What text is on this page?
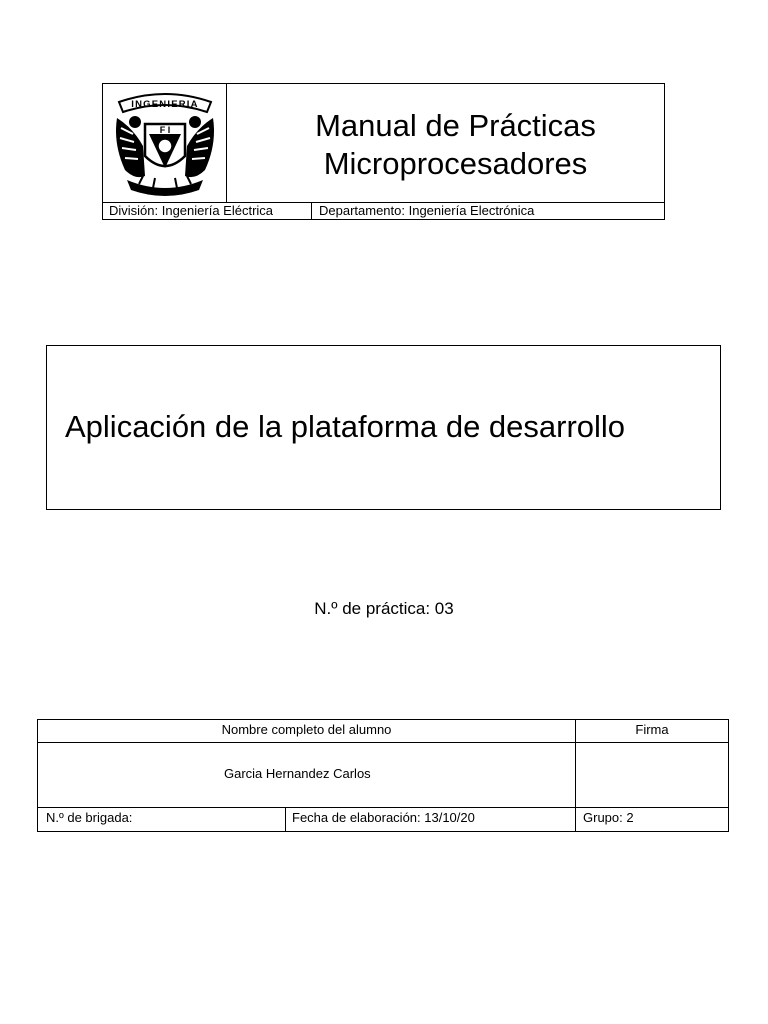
INGENIERIA
F I	Manual de Prácticas
Microprocesadores
División: Ingeniería Eléctrica	Departamento: Ingeniería Electrónica
Aplicación de la plataforma de desarrollo
N.º de práctica: 03
Nombre completo del alumno	Firma
Garcia Hernandez Carlos
N.º de brigada:	Fecha de elaboración: 13/10/20	Grupo: 2
